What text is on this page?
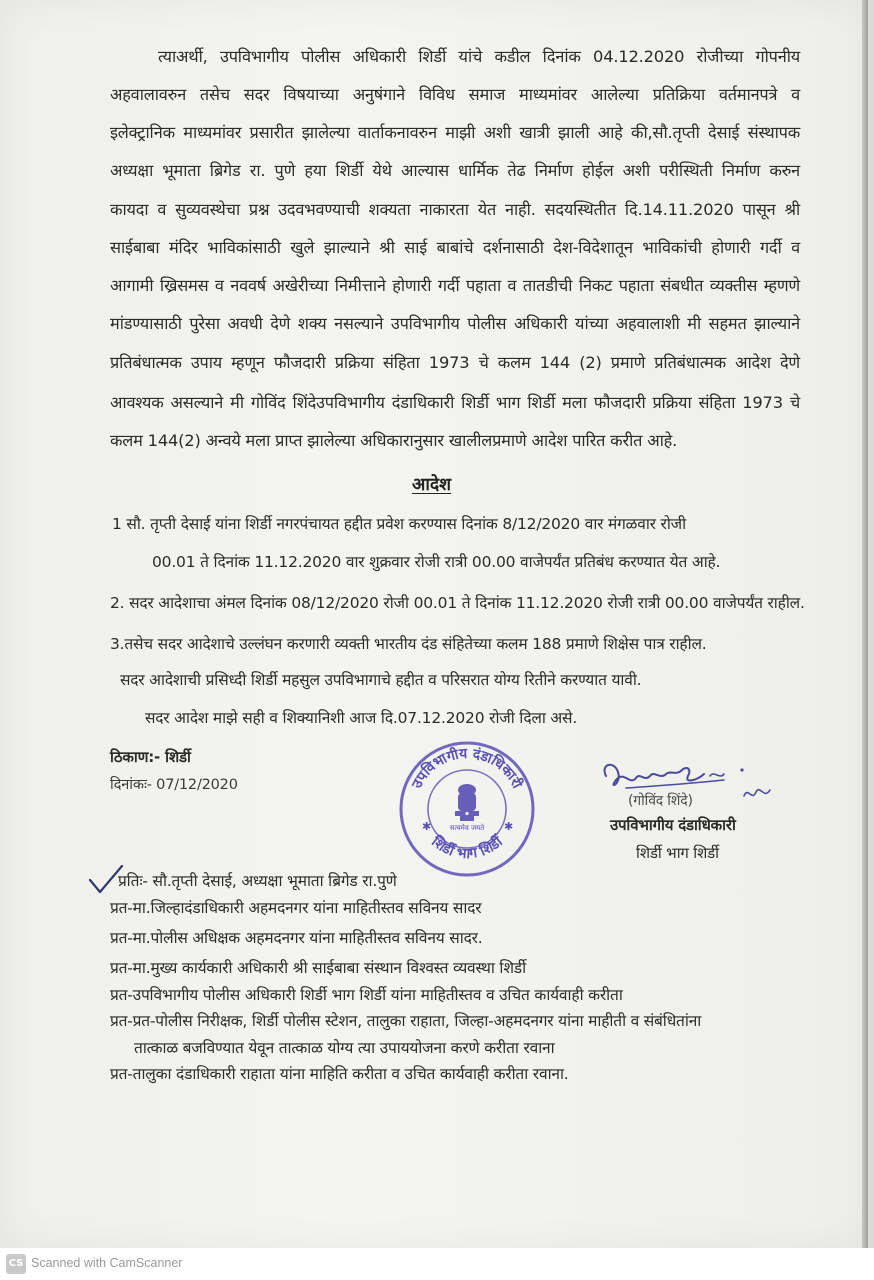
त्याअर्थी, उपविभागीय पोलीस अधिकारी शिर्डी यांचे कडील दिनांक 04.12.2020 रोजीच्या गोपनीय

अहवालावरुन तसेच सदर विषयाच्या अनुषंगाने विविध समाज माध्यमांवर आलेल्या प्रतिक्रिया वर्तमानपत्रे व

इलेक्ट्रानिक माध्यमांवर प्रसारीत झालेल्या वार्ताकनावरुन माझी अशी खात्री झाली आहे की,सौ.तृप्ती देसाई संस्थापक

अध्यक्षा भूमाता ब्रिगेड रा. पुणे हया शिर्डी येथे आल्यास धार्मिक तेढ निर्माण होईल अशी परीस्थिती निर्माण करुन

कायदा व सुव्यवस्थेचा प्रश्न उदवभवण्याची शक्यता नाकारता येत नाही. सदयस्थितीत दि.14.11.2020 पासून श्री

साईबाबा मंदिर भाविकांसाठी खुले झाल्याने श्री साई बाबांचे दर्शनासाठी देश-विदेशातून भाविकांची होणारी गर्दी व

आगामी ख्रिसमस व नववर्ष अखेरीच्या निमीत्ताने होणारी गर्दी पहाता व तातडीची निकट पहाता संबधीत व्यक्तीस म्हणणे

मांडण्यासाठी पुरेसा अवधी देणे शक्य नसल्याने उपविभागीय पोलीस अधिकारी यांच्या अहवालाशी मी सहमत झाल्याने

प्रतिबंधात्मक उपाय म्हणून फौजदारी प्रक्रिया संहिता 1973 चे कलम 144 (2) प्रमाणे प्रतिबंधात्मक आदेश देणे

आवश्यक असल्याने मी गोविंद शिंदेउपविभागीय दंडाधिकारी शिर्डी भाग शिर्डी मला फौजदारी प्रक्रिया संहिता 1973 चे

कलम 144(2) अन्वये मला प्राप्त झालेल्या अधिकारानुसार खालीलप्रमाणे आदेश पारित करीत आहे.

आदेश

1 सौ. तृप्ती देसाई यांना शिर्डी नगरपंचायत हद्दीत प्रवेश करण्यास दिनांक 8/12/2020 वार मंगळवार रोजी

00.01 ते दिनांक 11.12.2020 वार शुक्रवार रोजी रात्री 00.00 वाजेपर्यंत प्रतिबंध करण्यात येत आहे.

2. सदर आदेशाचा अंमल दिनांक 08/12/2020 रोजी 00.01 ते दिनांक 11.12.2020 रोजी रात्री 00.00 वाजेपर्यंत राहील.

3.तसेच सदर आदेशाचे उल्लंघन करणारी व्यक्ती भारतीय दंड संहितेच्या कलम 188 प्रमाणे शिक्षेस पात्र राहील.

सदर आदेशाची प्रसिध्दी शिर्डी महसुल उपविभागाचे हद्दीत व परिसरात योग्य रितीने करण्यात यावी.

सदर आदेश माझे सही व शिक्यानिशी आज दि.07.12.2020 रोजी दिला असे.

ठिकाण:- शिर्डी

दिनांकः- 07/12/2020	उपविभागीय दंडाधिकारी
शिर्डी भाग शिर्डी
✱	✱
सत्यमेव जयते

(गोविंद शिंदे)

उपविभागीय दंडाधिकारी

शिर्डी भाग शिर्डी

प्रतिः- सौ.तृप्ती देसाई, अध्यक्षा भूमाता ब्रिगेड रा.पुणे

प्रत-मा.जिल्हादंडाधिकारी अहमदनगर यांना माहितीस्तव सविनय सादर

प्रत-मा.पोलीस अधिक्षक अहमदनगर यांना माहितीस्तव सविनय सादर.

प्रत-मा.मुख्य कार्यकारी अधिकारी श्री साईबाबा संस्थान विश्वस्त व्यवस्था शिर्डी

प्रत-उपविभागीय पोलीस अधिकारी शिर्डी भाग शिर्डी यांना माहितीस्तव व उचित कार्यवाही करीता

प्रत-प्रत-पोलीस निरीक्षक, शिर्डी पोलीस स्टेशन, तालुका राहाता, जिल्हा-अहमदनगर यांना माहीती व संबंधितांना

तात्काळ बजविण्यात येवून तात्काळ योग्य त्या उपाययोजना करणे करीता रवाना

प्रत-तालुका दंडाधिकारी राहाता यांना माहिति करीता व उचित कार्यवाही करीता रवाना.

CS Scanned with CamScanner
